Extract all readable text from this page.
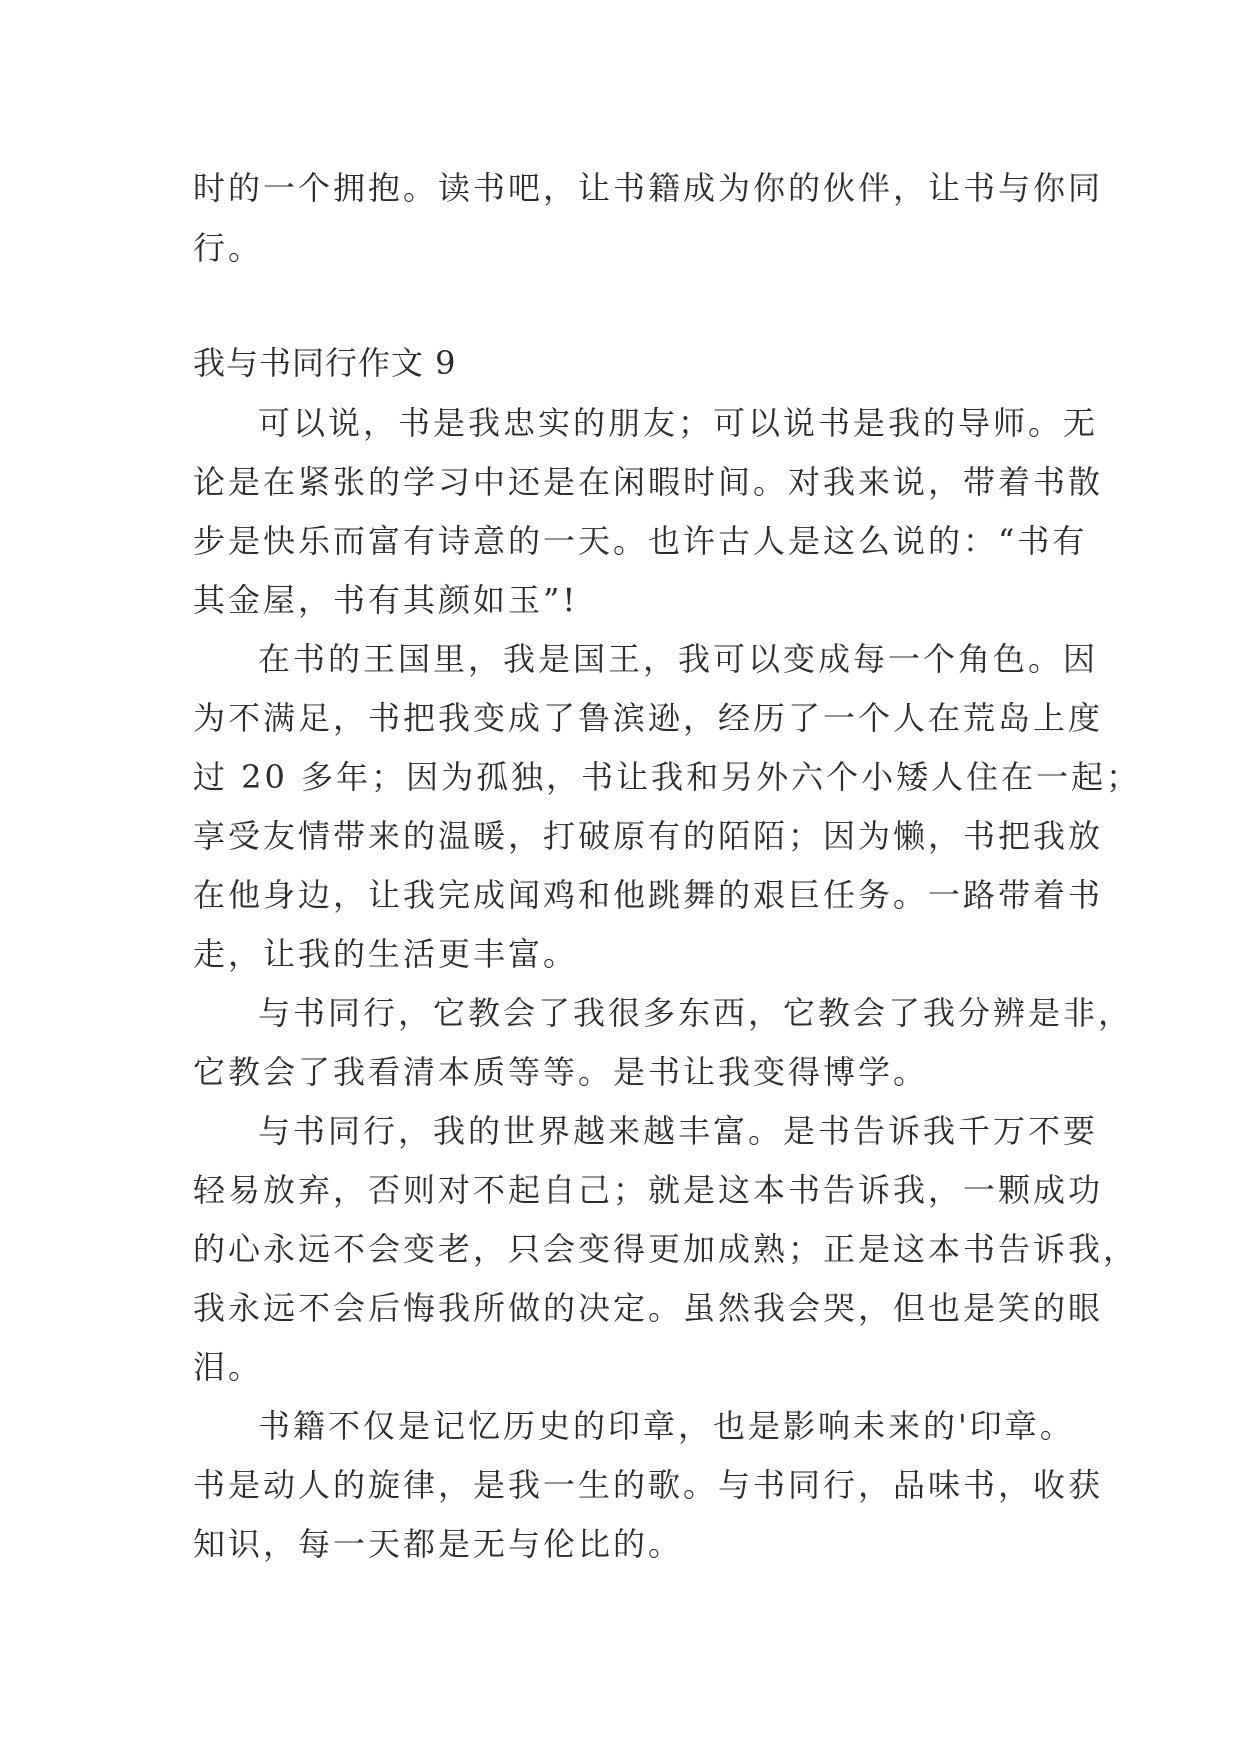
时的一个拥抱。读书吧，让书籍成为你的伙伴，让书与你同
行。
我与书同行作文 9
可以说，书是我忠实的朋友；可以说书是我的导师。无
论是在紧张的学习中还是在闲暇时间。对我来说，带着书散
步是快乐而富有诗意的一天。也许古人是这么说的：“书有
其金屋，书有其颜如玉”!
在书的王国里，我是国王，我可以变成每一个角色。因
为不满足，书把我变成了鲁滨逊，经历了一个人在荒岛上度
过 20 多年；因为孤独，书让我和另外六个小矮人住在一起；
享受友情带来的温暖，打破原有的陌陌；因为懒，书把我放
在他身边，让我完成闻鸡和他跳舞的艰巨任务。一路带着书
走，让我的生活更丰富。
与书同行，它教会了我很多东西，它教会了我分辨是非，
它教会了我看清本质等等。是书让我变得博学。
与书同行，我的世界越来越丰富。是书告诉我千万不要
轻易放弃，否则对不起自己；就是这本书告诉我，一颗成功
的心永远不会变老，只会变得更加成熟；正是这本书告诉我，
我永远不会后悔我所做的决定。虽然我会哭，但也是笑的眼
泪。
书籍不仅是记忆历史的印章，也是影响未来的'印章。
书是动人的旋律，是我一生的歌。与书同行，品味书，收获
知识，每一天都是无与伦比的。
